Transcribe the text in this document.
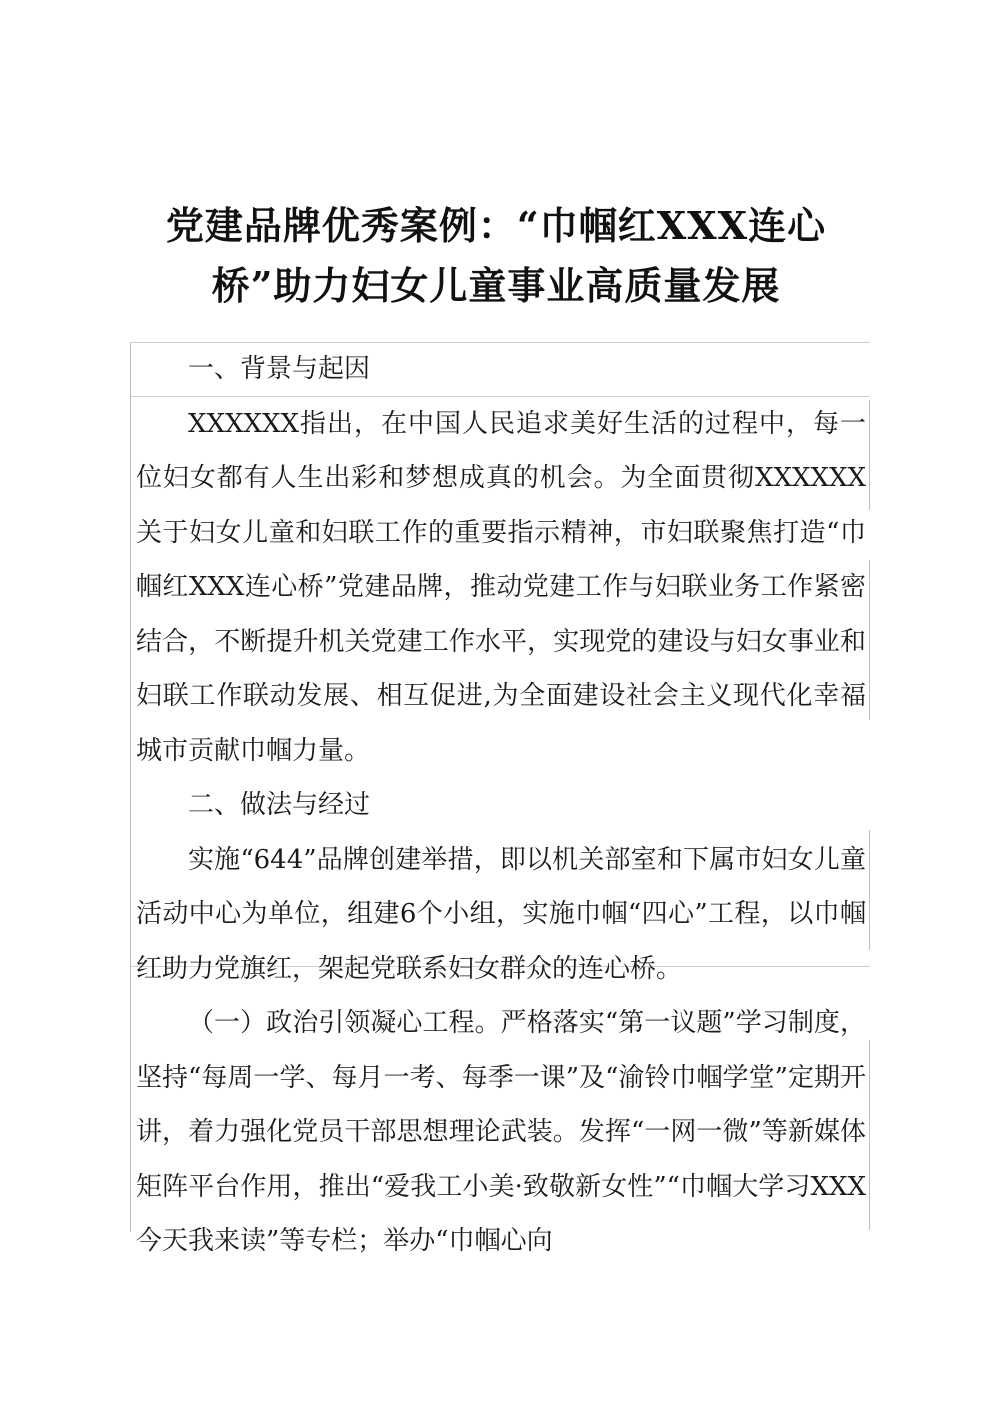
党建品牌优秀案例：“巾帼红XXX连心桥”助力妇女儿童事业高质量发展

一、背景与起因

XXXXXX指出，在中国人民追求美好生活的过程中，每一位妇女都有人生出彩和梦想成真的机会。为全面贯彻XXXXXX关于妇女儿童和妇联工作的重要指示精神，市妇联聚焦打造“巾帼红XXX连心桥”党建品牌，推动党建工作与妇联业务工作紧密结合，不断提升机关党建工作水平，实现党的建设与妇女事业和妇联工作联动发展、相互促进,为全面建设社会主义现代化幸福城市贡献巾帼力量。

二、做法与经过

实施“644”品牌创建举措，即以机关部室和下属市妇女儿童活动中心为单位，组建6个小组，实施巾帼“四心”工程，以巾帼红助力党旗红，架起党联系妇女群众的连心桥。

（一）政治引领凝心工程。严格落实“第一议题”学习制度，坚持“每周一学、每月一考、每季一课”及“渝铃巾帼学堂”定期开讲，着力强化党员干部思想理论武装。发挥“一网一微”等新媒体矩阵平台作用，推出“爱我工小美·致敬新女性”“巾帼大学习XXX今天我来读”等专栏；举办“巾帼心向
